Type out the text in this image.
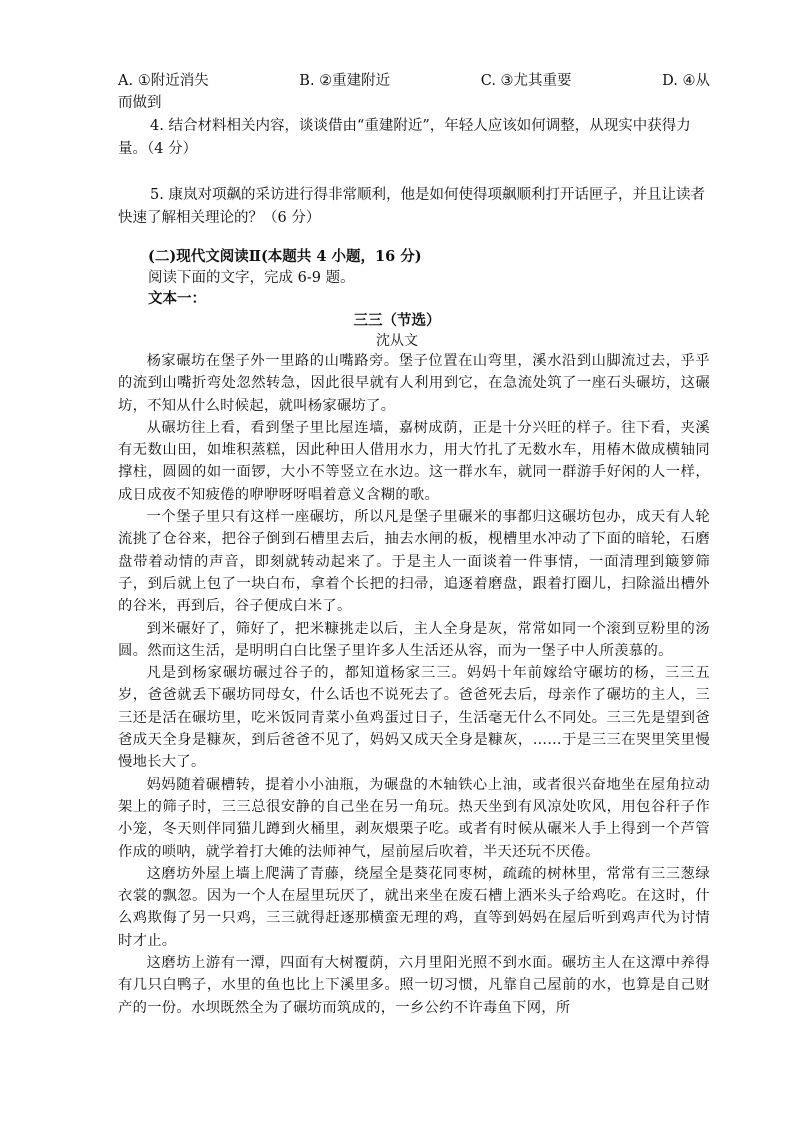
A. ①附近消失	B. ②重建附近	C. ③尤其重要	D. ④从
而做到
4. 结合材料相关内容，谈谈借由“重建附近”，年轻人应该如何调整，从现实中获得力量。（4 分）
5. 康岚对项飙的采访进行得非常顺利，他是如何使得项飙顺利打开话匣子，并且让读者快速了解相关理论的？（6 分）
(二)现代文阅读Ⅱ(本题共 4 小题，16 分)
阅读下面的文字，完成 6-9 题。
文本一：
三三（节选）
沈从文

杨家碾坊在堡子外一里路的山嘴路旁。堡子位置在山弯里，溪水沿到山脚流过去，乎乎的流到山嘴折弯处忽然转急，因此很早就有人利用到它，在急流处筑了一座石头碾坊，这碾坊，不知从什么时候起，就叫杨家碾坊了。

从碾坊往上看，看到堡子里比屋连墙，嘉树成荫，正是十分兴旺的样子。往下看，夹溪有无数山田，如堆积蒸糕，因此种田人借用水力，用大竹扎了无数水车，用椿木做成横轴同撑柱，圆圆的如一面锣，大小不等竖立在水边。这一群水车，就同一群游手好闲的人一样，成日成夜不知疲倦的咿咿呀呀唱着意义含糊的歌。

一个堡子里只有这样一座碾坊，所以凡是堡子里碾米的事都归这碾坊包办，成天有人轮流挑了仓谷来，把谷子倒到石槽里去后，抽去水闸的板，枧槽里水冲动了下面的暗轮，石磨盘带着动情的声音，即刻就转动起来了。于是主人一面谈着一件事情，一面清理到簸箩筛子，到后就上包了一块白布，拿着个长把的扫帚，追逐着磨盘，跟着打圈儿，扫除溢出槽外的谷米，再到后，谷子便成白米了。

到米碾好了，筛好了，把米糠挑走以后，主人全身是灰，常常如同一个滚到豆粉里的汤圆。然而这生活，是明明白白比堡子里许多人生活还从容，而为一堡子中人所羡慕的。

凡是到杨家碾坊碾过谷子的，都知道杨家三三。妈妈十年前嫁给守碾坊的杨，三三五岁，爸爸就丢下碾坊同母女，什么话也不说死去了。爸爸死去后，母亲作了碾坊的主人，三三还是活在碾坊里，吃米饭同青菜小鱼鸡蛋过日子，生活毫无什么不同处。三三先是望到爸爸成天全身是糠灰，到后爸爸不见了，妈妈又成天全身是糠灰，……于是三三在哭里笑里慢慢地长大了。

妈妈随着碾槽转，提着小小油瓶，为碾盘的木轴铁心上油，或者很兴奋地坐在屋角拉动架上的筛子时，三三总很安静的自己坐在另一角玩。热天坐到有风凉处吹风，用包谷秆子作小笼，冬天则伴同猫儿蹲到火桶里，剥灰煨栗子吃。或者有时候从碾米人手上得到一个芦管作成的唢呐，就学着打大傩的法师神气，屋前屋后吹着，半天还玩不厌倦。

这磨坊外屋上墙上爬满了青藤，绕屋全是葵花同枣树，疏疏的树林里，常常有三三葱绿衣裳的飘忽。因为一个人在屋里玩厌了，就出来坐在废石槽上洒米头子给鸡吃。在这时，什么鸡欺侮了另一只鸡，三三就得赶逐那横蛮无理的鸡，直等到妈妈在屋后听到鸡声代为讨情时才止。

这磨坊上游有一潭，四面有大树覆荫，六月里阳光照不到水面。碾坊主人在这潭中养得有几只白鸭子，水里的鱼也比上下溪里多。照一切习惯，凡靠自己屋前的水，也算是自己财产的一份。水坝既然全为了碾坊而筑成的，一乡公约不许毒鱼下网，所
